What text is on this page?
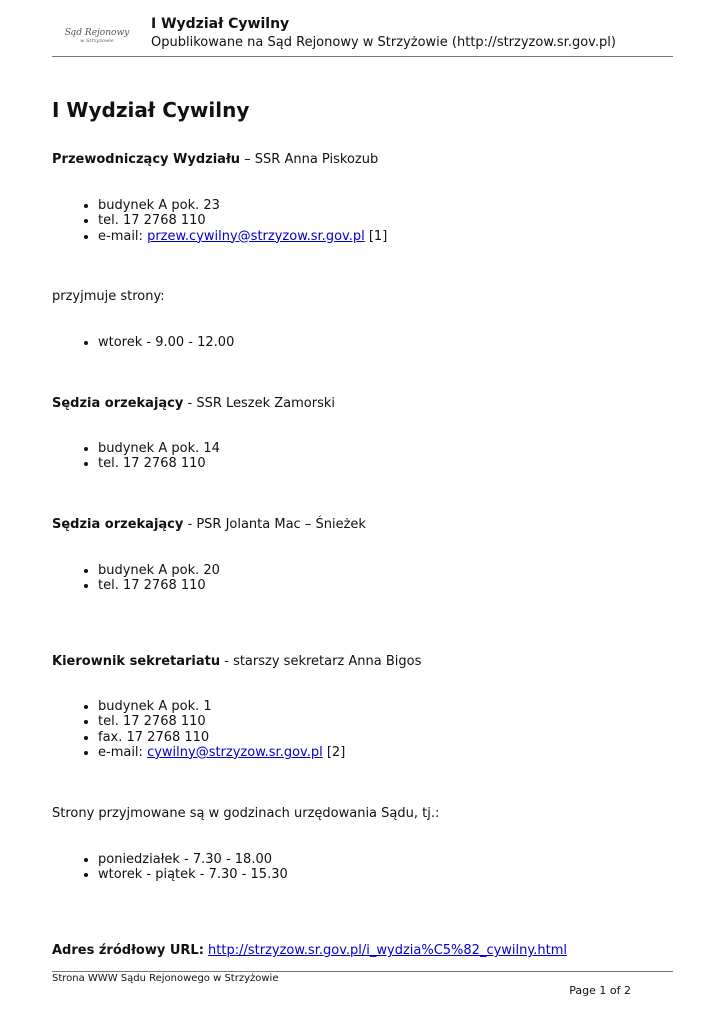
Sąd Rejonowy
w Strzyżowie
I Wydział Cywilny
Opublikowane na Sąd Rejonowy w Strzyżowie (http://strzyzow.sr.gov.pl)
I Wydział Cywilny

Przewodniczący Wydziału – SSR Anna Piskozub

• budynek A pok. 23
• tel. 17 2768 110
• e-mail: przew.cywilny@strzyzow.sr.gov.pl [1]

przyjmuje strony:

• wtorek - 9.00 - 12.00

Sędzia orzekający - SSR Leszek Zamorski

• budynek A pok. 14
• tel. 17 2768 110

Sędzia orzekający - PSR Jolanta Mac – Śnieżek

• budynek A pok. 20
• tel. 17 2768 110

Kierownik sekretariatu - starszy sekretarz Anna Bigos

• budynek A pok. 1
• tel. 17 2768 110
• fax. 17 2768 110
• e-mail: cywilny@strzyzow.sr.gov.pl [2]

Strony przyjmowane są w godzinach urzędowania Sądu, tj.:

• poniedziałek - 7.30 - 18.00
• wtorek - piątek - 7.30 - 15.30

Adres źródłowy URL: http://strzyzow.sr.gov.pl/i_wydzia%C5%82_cywilny.html

Strona WWW Sądu Rejonowego w Strzyżowie
Page 1 of 2
